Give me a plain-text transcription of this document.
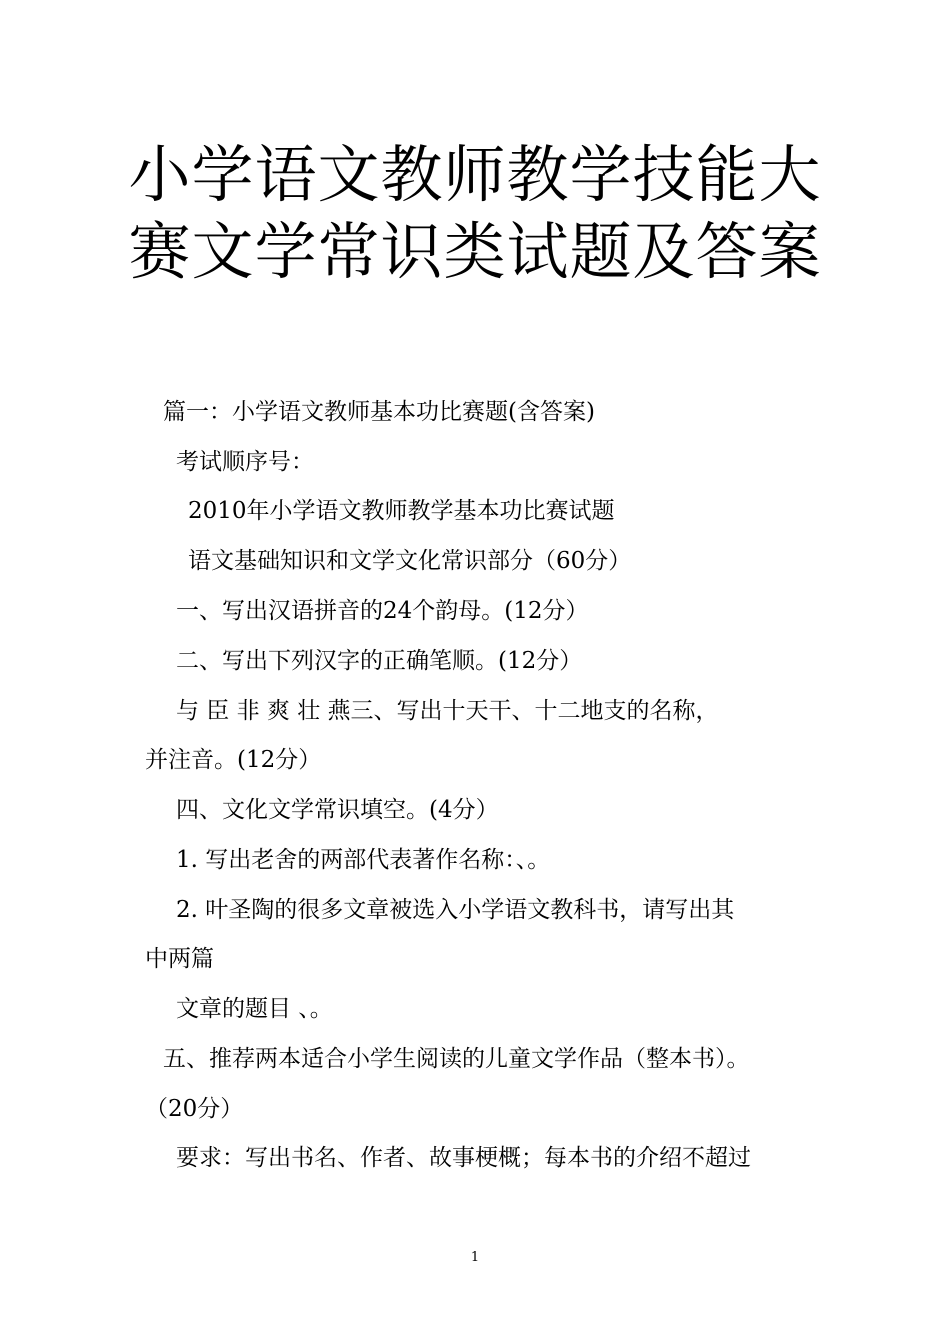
小学语文教师教学技能大
赛文学常识类试题及答案

篇一：小学语文教师基本功比赛题(含答案)

考试顺序号：

2010年小学语文教师教学基本功比赛试题

语文基础知识和文学文化常识部分（60分）

一、写出汉语拼音的24个韵母。(12分）

二、写出下列汉字的正确笔顺。(12分）

与 臣 非 爽 壮 燕三、写出十天干、十二地支的名称，

并注音。(12分）

四、文化文学常识填空。(4分）

1. 写出老舍的两部代表著作名称：、。

2. 叶圣陶的很多文章被选入小学语文教科书，请写出其

中两篇

文章的题目 、。

五、推荐两本适合小学生阅读的儿童文学作品（整本书）。

（20分）

要求：写出书名、作者、故事梗概；每本书的介绍不超过

1
